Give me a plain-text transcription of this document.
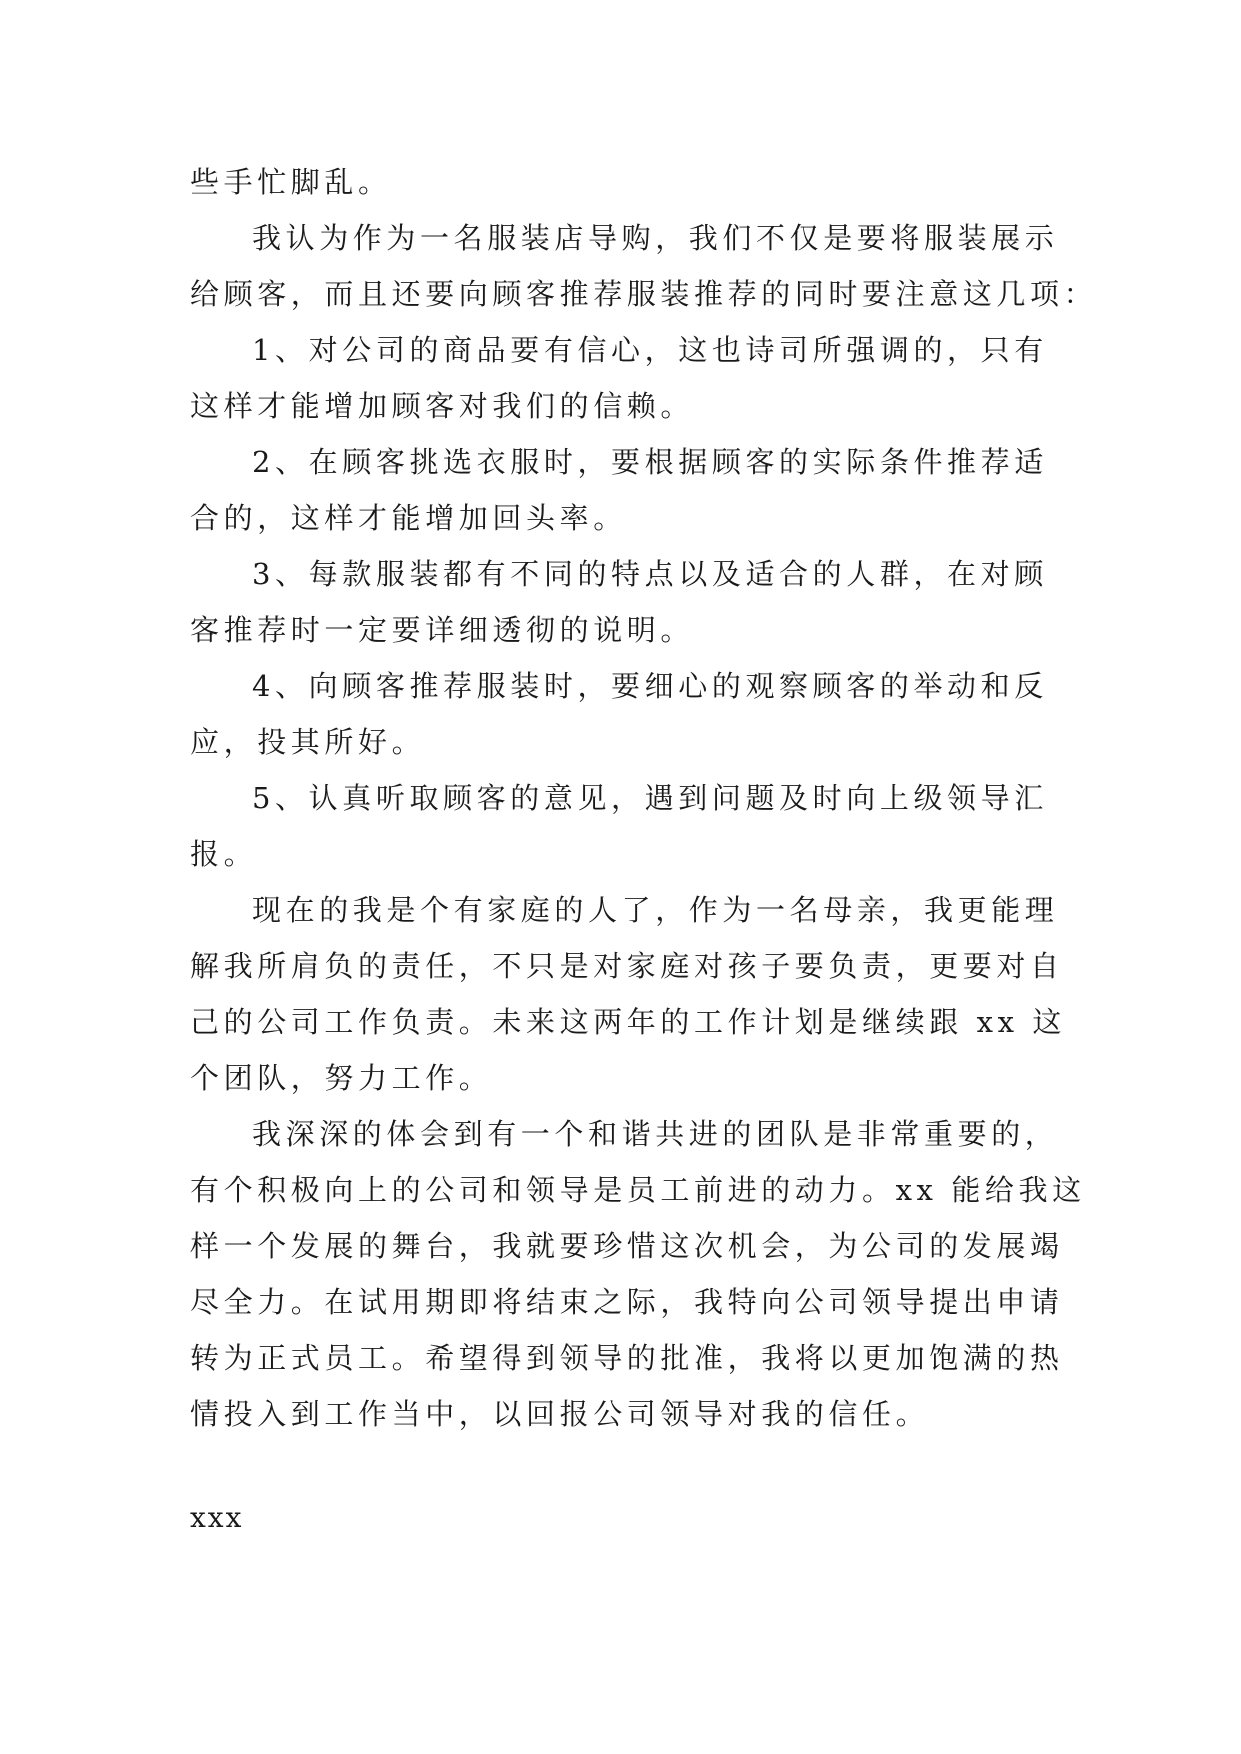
些手忙脚乱。
我认为作为一名服装店导购，我们不仅是要将服装展示
给顾客，而且还要向顾客推荐服装推荐的同时要注意这几项：
1、对公司的商品要有信心，这也诗司所强调的，只有
这样才能增加顾客对我们的信赖。
2、在顾客挑选衣服时，要根据顾客的实际条件推荐适
合的，这样才能增加回头率。
3、每款服装都有不同的特点以及适合的人群，在对顾
客推荐时一定要详细透彻的说明。
4、向顾客推荐服装时，要细心的观察顾客的举动和反
应，投其所好。
5、认真听取顾客的意见，遇到问题及时向上级领导汇
报。
现在的我是个有家庭的人了，作为一名母亲，我更能理
解我所肩负的责任，不只是对家庭对孩子要负责，更要对自
己的公司工作负责。未来这两年的工作计划是继续跟 xx 这
个团队，努力工作。
我深深的体会到有一个和谐共进的团队是非常重要的，
有个积极向上的公司和领导是员工前进的动力。xx 能给我这
样一个发展的舞台，我就要珍惜这次机会，为公司的发展竭
尽全力。在试用期即将结束之际，我特向公司领导提出申请
转为正式员工。希望得到领导的批准，我将以更加饱满的热
情投入到工作当中，以回报公司领导对我的信任。
xxx
